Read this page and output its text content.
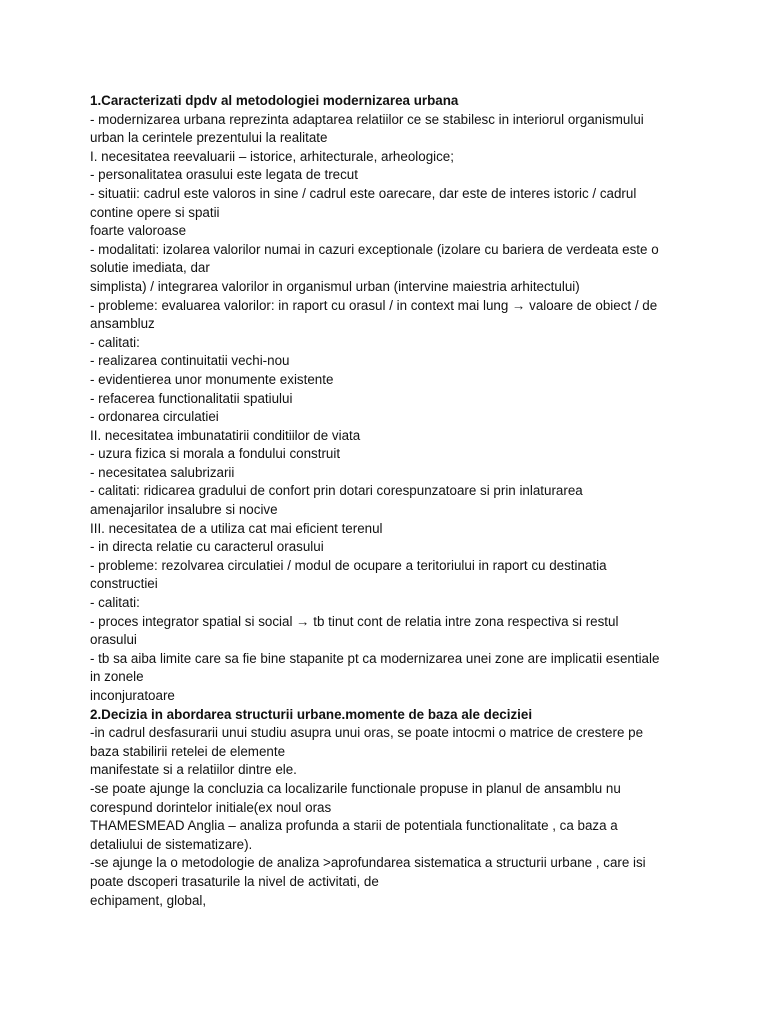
1.Caracterizati dpdv al metodologiei modernizarea urbana
- modernizarea urbana reprezinta adaptarea relatiilor ce se stabilesc in interiorul organismului
urban la cerintele prezentului la realitate
I. necesitatea reevaluarii – istorice, arhitecturale, arheologice;
- personalitatea orasului este legata de trecut
- situatii: cadrul este valoros in sine / cadrul este oarecare, dar este de interes istoric / cadrul
contine opere si spatii
foarte valoroase
- modalitati: izolarea valorilor numai in cazuri exceptionale (izolare cu bariera de verdeata este o
solutie imediata, dar
simplista) / integrarea valorilor in organismul urban (intervine maiestria arhitectului)
- probleme: evaluarea valorilor: in raport cu orasul / in context mai lung → valoare de obiect / de
ansambluz
- calitati:
- realizarea continuitatii vechi-nou
- evidentierea unor monumente existente
- refacerea functionalitatii spatiului
- ordonarea circulatiei
II. necesitatea imbunatatirii conditiilor de viata
- uzura fizica si morala a fondului construit
- necesitatea salubrizarii
- calitati: ridicarea gradului de confort prin dotari corespunzatoare si prin inlaturarea
amenajarilor insalubre si nocive
III. necesitatea de a utiliza cat mai eficient terenul
- in directa relatie cu caracterul orasului
- probleme: rezolvarea circulatiei / modul de ocupare a teritoriului in raport cu destinatia
constructiei
- calitati:
- proces integrator spatial si social → tb tinut cont de relatia intre zona respectiva si restul
orasului
- tb sa aiba limite care sa fie bine stapanite pt ca modernizarea unei zone are implicatii esentiale
in zonele
inconjuratoare
2.Decizia in abordarea structurii urbane.momente de baza ale deciziei
-in cadrul desfasurarii unui studiu asupra unui oras, se poate intocmi o matrice de crestere pe
baza stabilirii retelei de elemente
manifestate si a relatiilor dintre ele.
-se poate ajunge la concluzia ca localizarile functionale propuse in planul de ansamblu nu
corespund dorintelor initiale(ex noul oras
THAMESMEAD Anglia – analiza profunda a starii de potentiala functionalitate , ca baza a
detaliului de sistematizare).
-se ajunge la o metodologie de analiza >aprofundarea sistematica a structurii urbane , care isi
poate dscoperi trasaturile la nivel de activitati, de
echipament, global,
